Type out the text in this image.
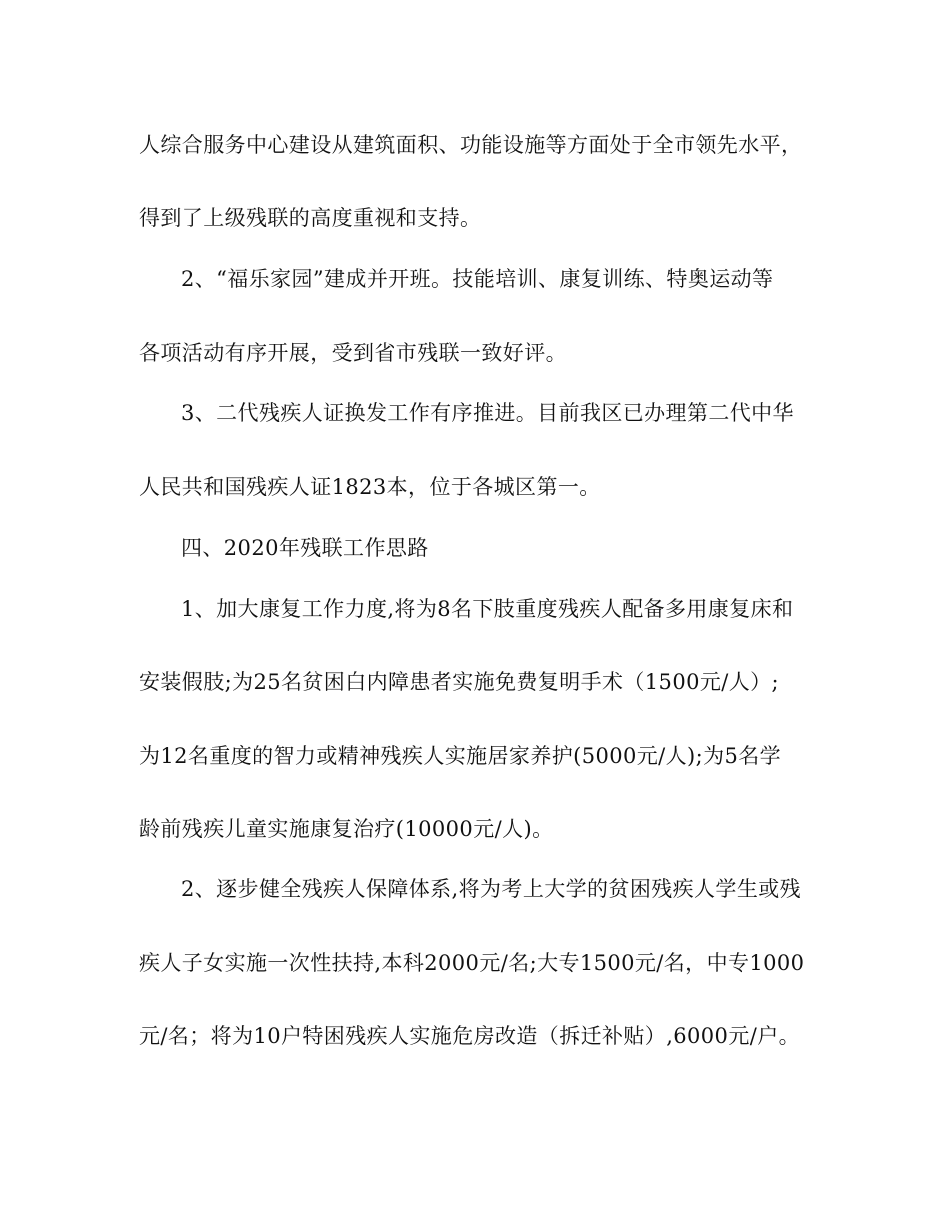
人综合服务中心建设从建筑面积、功能设施等方面处于全市领先水平，
得到了上级残联的高度重视和支持。
2、“福乐家园”建成并开班。技能培训、康复训练、特奥运动等
各项活动有序开展，受到省市残联一致好评。
3、二代残疾人证换发工作有序推进。目前我区已办理第二代中华
人民共和国残疾人证1823本，位于各城区第一。
四、2020年残联工作思路
1、加大康复工作力度,将为8名下肢重度残疾人配备多用康复床和
安装假肢;为25名贫困白内障患者实施免费复明手术（1500元/人）;
为12名重度的智力或精神残疾人实施居家养护(5000元/人);为5名学
龄前残疾儿童实施康复治疗(10000元/人)。
2、逐步健全残疾人保障体系,将为考上大学的贫困残疾人学生或残
疾人子女实施一次性扶持,本科2000元/名;大专1500元/名，中专1000
元/名；将为10户特困残疾人实施危房改造（拆迁补贴）,6000元/户。
